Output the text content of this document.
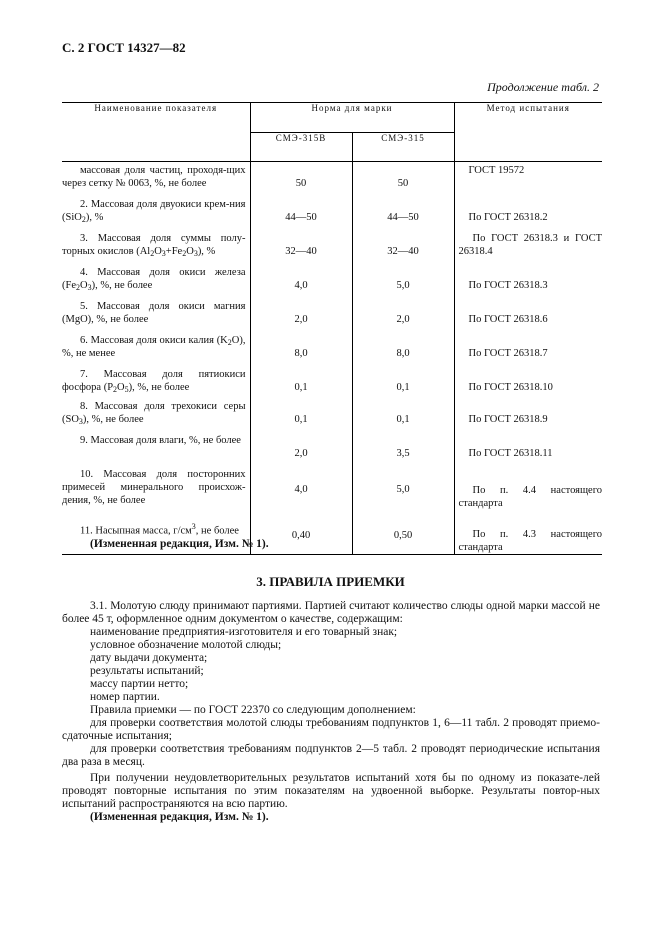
С. 2 ГОСТ 14327—82
Продолжение табл. 2
Наименование показателя	Норма для марки		Метод испытания
	СМЭ-315В	СМЭ-315	
массовая доля частиц, проходя-щих через сетку № 0063, %, не более	50	50	ГОСТ 19572
2. Массовая доля двуокиси крем-ния (SiO$_2$), %	44—50	44—50	По ГОСТ 26318.2
3. Массовая доля суммы полу-торных окислов $(Al_2O_3+Fe_2O_3)$, %	32—40	32—40	По ГОСТ 26318.3 и ГОСТ 26318.4
4. Массовая доля окиси железа $(Fe_2O_3)$, %, не более	4,0	5,0	По ГОСТ 26318.3
5. Массовая доля окиси магния (MgO), %, не более	2,0	2,0	По ГОСТ 26318.6
6. Массовая доля окиси калия $(K_2O)$, %, не менее	8,0	8,0	По ГОСТ 26318.7
7. Массовая доля пятиокиси фосфора $(P_2O_5)$, %, не более	0,1	0,1	По ГОСТ 26318.10
8. Массовая доля трехокиси серы $(SO_3)$, %, не более	0,1	0,1	По ГОСТ 26318.9
9. Массовая доля влаги, %, не более	2,0	3,5	По ГОСТ 26318.11
10. Массовая доля посторонних примесей минерального происхож-дения, %, не более	4,0	5,0	По п. 4.4 настоящего стандарта
11. Насыпная масса, $г/см^3$, не более	0,40	0,50	По п. 4.3 настоящего стандарта
(Измененная редакция, Изм. № 1).
3. ПРАВИЛА ПРИЕМКИ

3.1. Молотую слюду принимают партиями. Партией считают количество слюды одной марки массой не более 45 т, оформленное одним документом о качестве, содержащим:

наименование предприятия-изготовителя и его товарный знак;

условное обозначение молотой слюды;

дату выдачи документа;

результаты испытаний;

массу партии нетто;

номер партии.

Правила приемки — по ГОСТ 22370 со следующим дополнением:

для проверки соответствия молотой слюды требованиям подпунктов 1, 6—11 табл. 2 проводят приемо-сдаточные испытания;

для проверки соответствия требованиям подпунктов 2—5 табл. 2 проводят периодические испытания два раза в месяц.

При получении неудовлетворительных результатов испытаний хотя бы по одному из показате-лей проводят повторные испытания по этим показателям на удвоенной выборке. Результаты повтор-ных испытаний распространяются на всю партию.

(Измененная редакция, Изм. № 1).
